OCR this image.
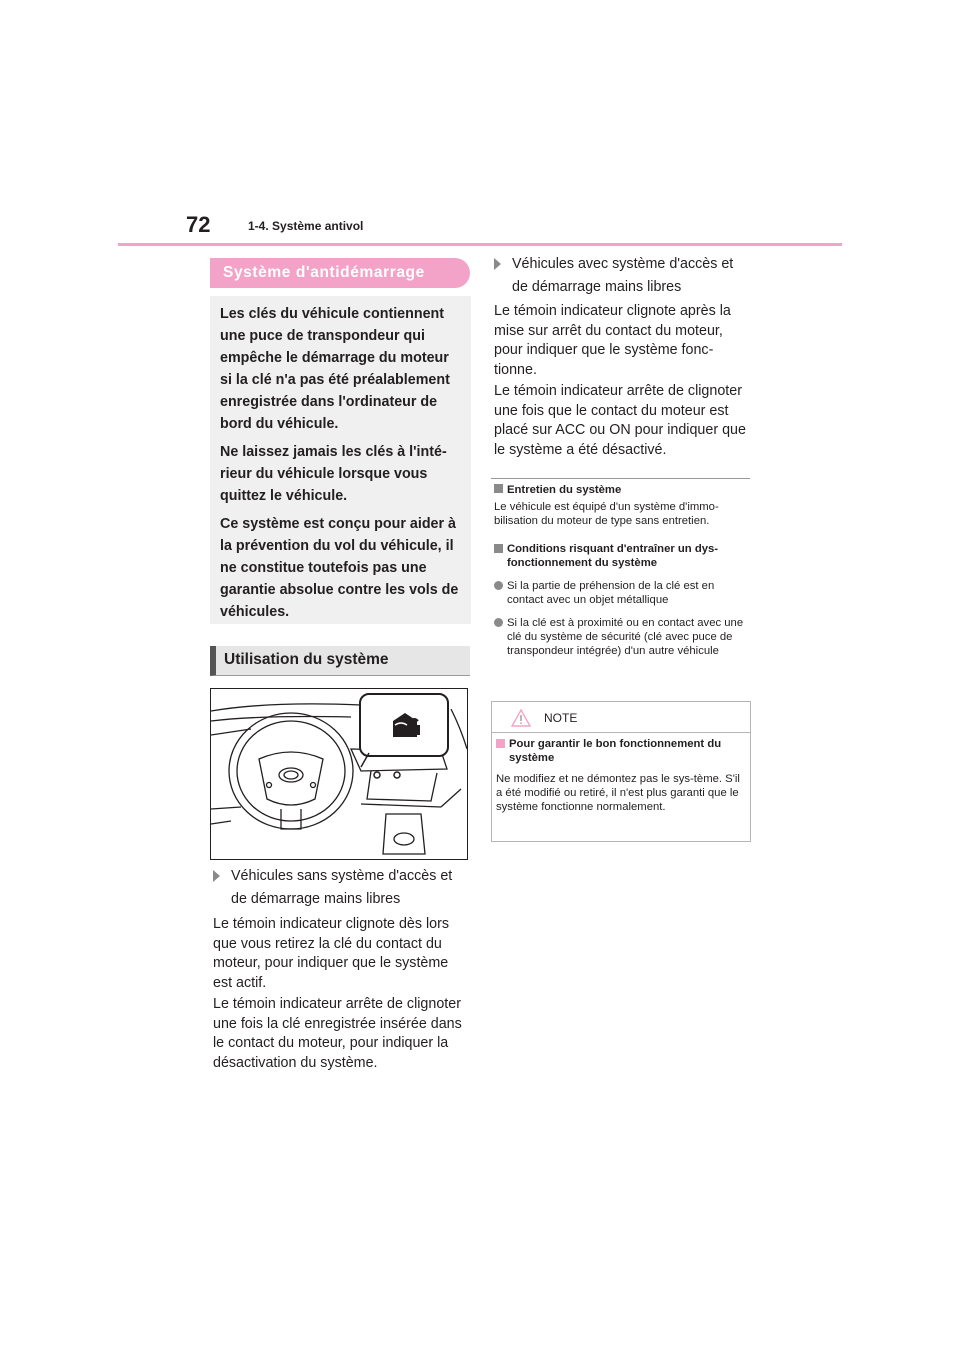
72	1-4. Système antivol
Système d'antidémarrage

Les clés du véhicule contiennent une puce de transpondeur qui empêche le démarrage du moteur si la clé n'a pas été préalablement enregistrée dans l'ordinateur de bord du véhicule.

Ne laissez jamais les clés à l'inté-rieur du véhicule lorsque vous quittez le véhicule.

Ce système est conçu pour aider à la prévention du vol du véhicule, il ne constitue toutefois pas une garantie absolue contre les vols de véhicules.

Utilisation du système
Véhicules sans système d'accès et
de démarrage mains libres

Le témoin indicateur clignote dès lors que vous retirez la clé du contact du moteur, pour indiquer que le système est actif.

Le témoin indicateur arrête de clignoter une fois la clé enregistrée insérée dans le contact du moteur, pour indiquer la désactivation du système.

Véhicules avec système d'accès et
de démarrage mains libres

Le témoin indicateur clignote après la mise sur arrêt du contact du moteur, pour indiquer que le système fonc-tionne.

Le témoin indicateur arrête de clignoter une fois que le contact du moteur est placé sur ACC ou ON pour indiquer que le système a été désactivé.

Entretien du système
Le véhicule est équipé d'un système d'immo-bilisation du moteur de type sans entretien.
Conditions risquant d'entraîner un dys-fonctionnement du système
Si la partie de préhension de la clé est en contact avec un objet métallique
Si la clé est à proximité ou en contact avec une clé du système de sécurité (clé avec puce de transpondeur intégrée) d'un autre véhicule
NOTE
Pour garantir le bon fonctionnement du système
Ne modifiez et ne démontez pas le sys-tème. S'il a été modifié ou retiré, il n'est plus garanti que le système fonctionne normalement.
